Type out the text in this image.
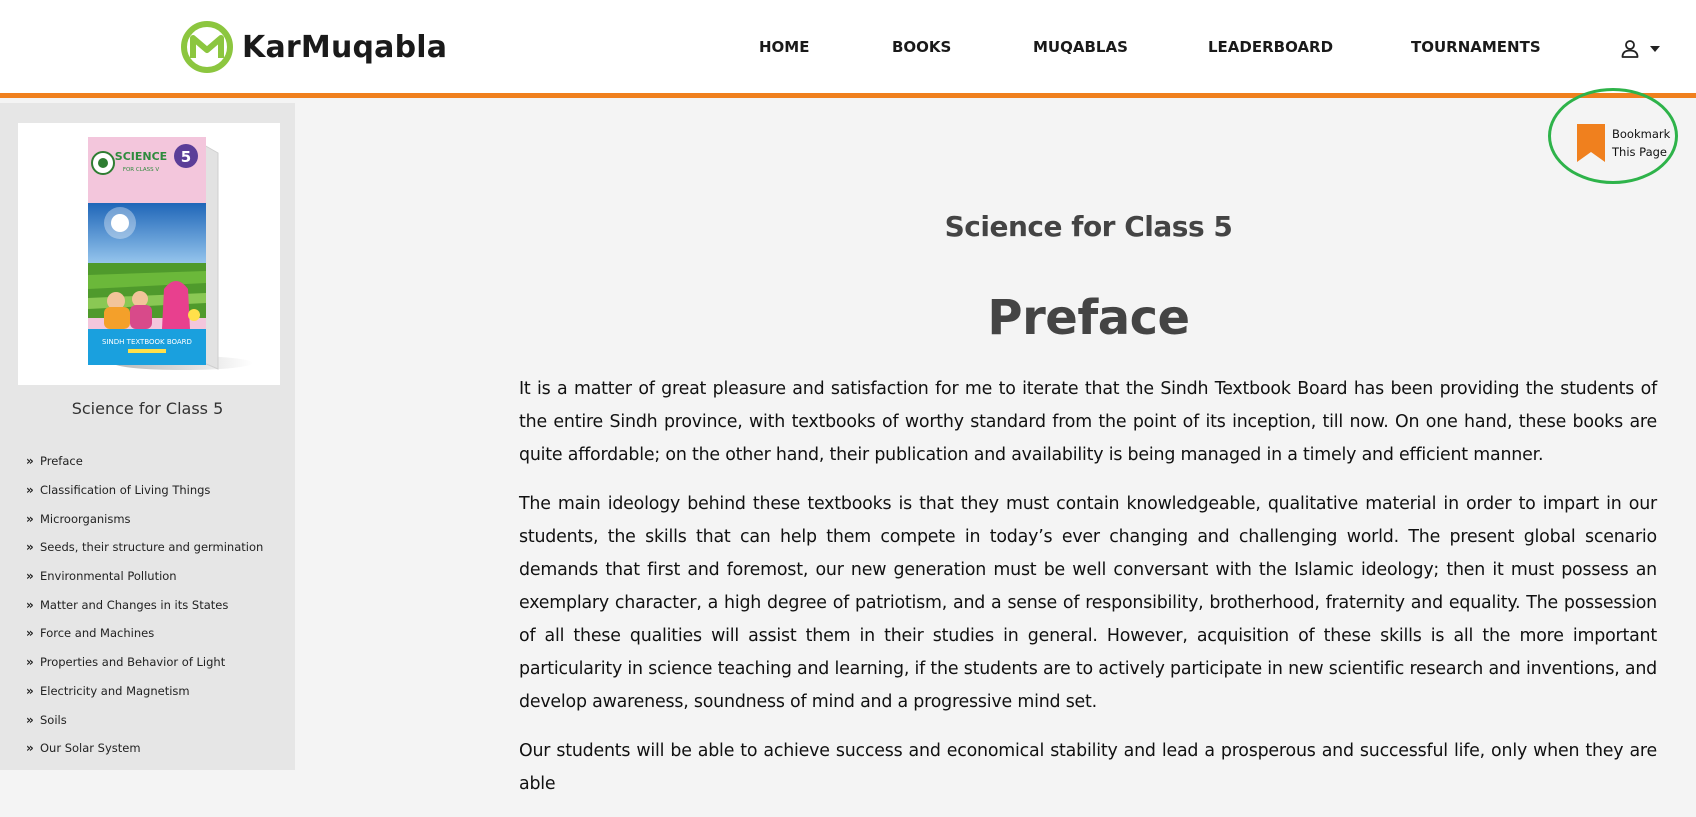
KarMuqabla	HOME	BOOKS	MUQABLAS	LEADERBOARD	TOURNAMENTS
SINDH TEXTBOOK BOARD
SCIENCE
FOR CLASS V
5
Science for Class 5
» Preface
» Classification of Living Things
» Microorganisms
» Seeds, their structure and germination
» Environmental Pollution
» Matter and Changes in its States
» Force and Machines
» Properties and Behavior of Light
» Electricity and Magnetism
» Soils
» Our Solar System
Bookmark
This Page
Science for Class 5
Preface

It is a matter of great pleasure and satisfaction for me to iterate that the Sindh Textbook Board has been providing the students of the entire Sindh province, with textbooks of worthy standard from the point of its inception, till now. On one hand, these books are quite affordable; on the other hand, their publication and availability is being managed in a timely and efficient manner.

The main ideology behind these textbooks is that they must contain knowledgeable, qualitative material in order to impart in our students, the skills that can help them compete in today’s ever changing and challenging world. The present global scenario demands that first and foremost, our new generation must be well conversant with the Islamic ideology; then it must possess an exemplary character, a high degree of patriotism, and a sense of responsibility, brotherhood, fraternity and equality. The possession of all these qualities will assist them in their studies in general. However, acquisition of these skills is all the more important particularity in science teaching and learning, if the students are to actively participate in new scientific research and inventions, and develop awareness, soundness of mind and a progressive mind set.

Our students will be able to achieve success and economical stability and lead a prosperous and successful life, only when they are able
